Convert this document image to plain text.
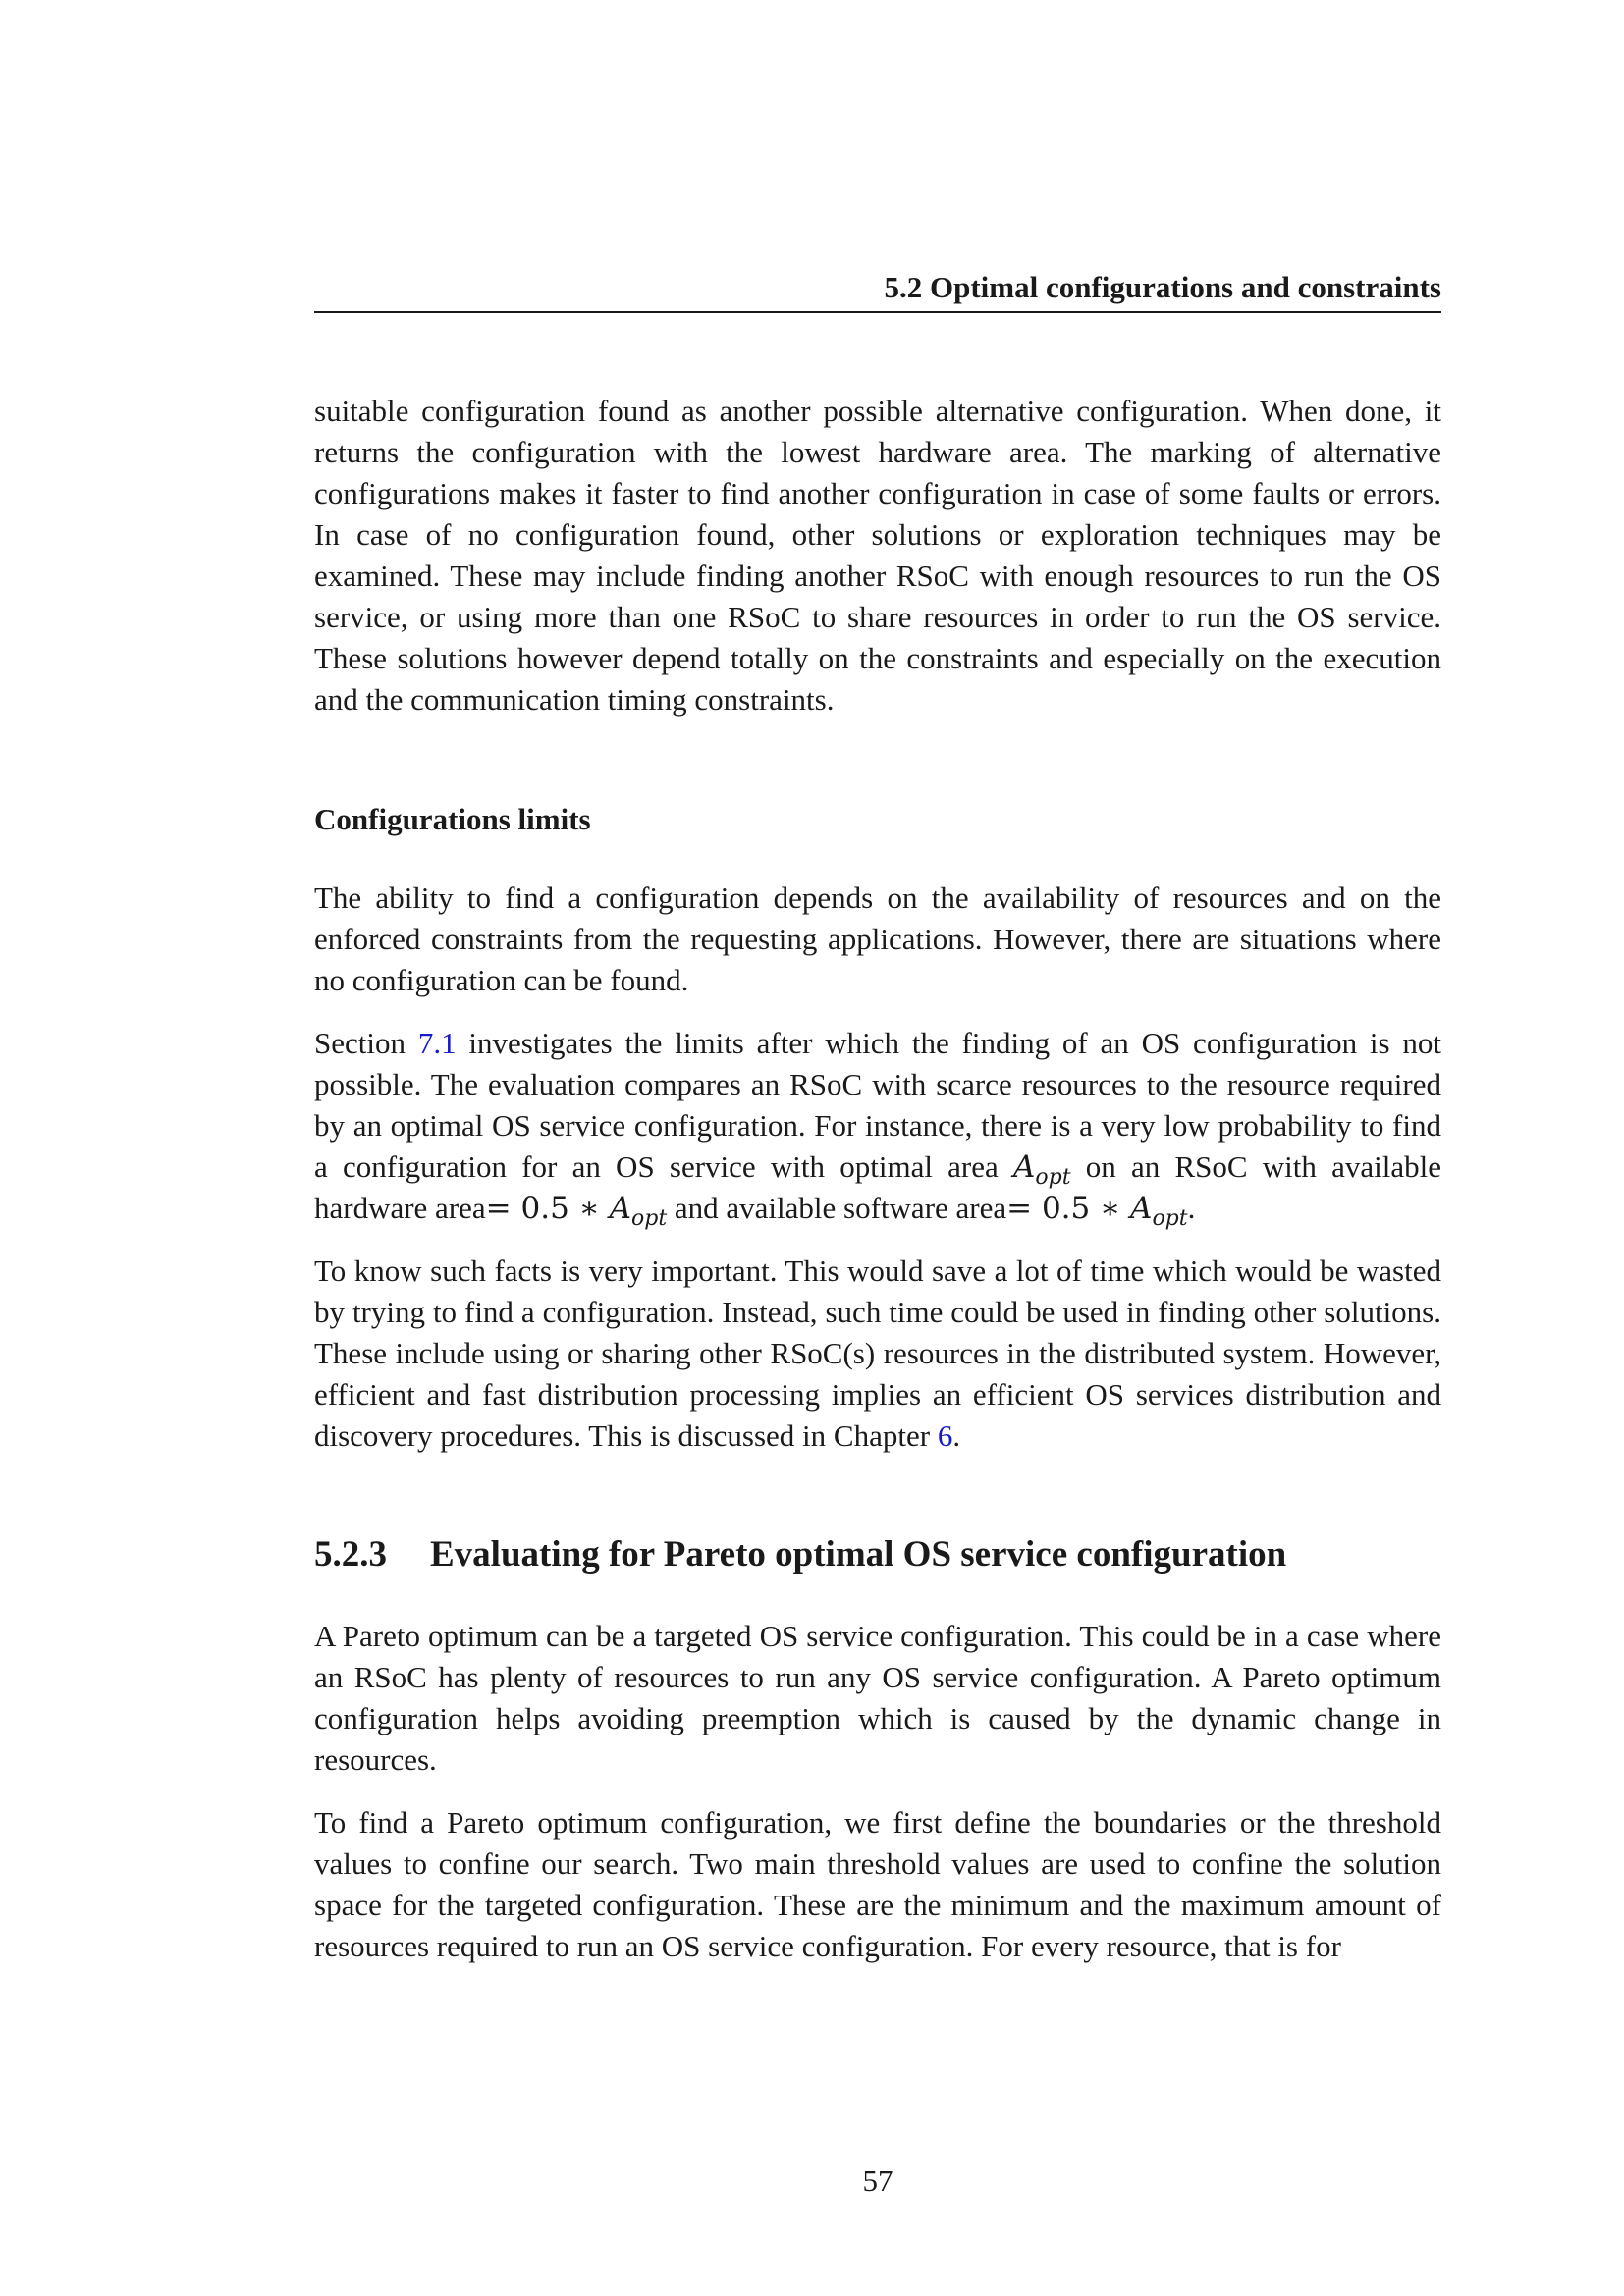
5.2 Optimal configurations and constraints

suitable configuration found as another possible alternative configuration. When done, it returns the configuration with the lowest hardware area. The marking of alternative configurations makes it faster to find another configuration in case of some faults or errors. In case of no configuration found, other solutions or exploration techniques may be examined. These may include finding another RSoC with enough resources to run the OS service, or using more than one RSoC to share resources in order to run the OS service. These solutions however depend totally on the constraints and especially on the execution and the communication timing constraints.

Configurations limits

The ability to find a configuration depends on the availability of resources and on the enforced constraints from the requesting applications. However, there are situations where no configuration can be found.

Section 7.1 investigates the limits after which the finding of an OS configuration is not possible. The evaluation compares an RSoC with scarce resources to the resource required by an optimal OS service configuration. For instance, there is a very low probability to find a configuration for an OS service with optimal area $A_{opt}$ on an RSoC with available hardware area= 0.5 ∗ $A_{opt}$ and available software area= 0.5 ∗ $A_{opt}$.

To know such facts is very important. This would save a lot of time which would be wasted by trying to find a configuration. Instead, such time could be used in finding other solutions. These include using or sharing other RSoC(s) resources in the distributed system. However, efficient and fast distribution processing implies an efficient OS services distribution and discovery procedures. This is discussed in Chapter 6.

5.2.3 Evaluating for Pareto optimal OS service configuration

A Pareto optimum can be a targeted OS service configuration. This could be in a case where an RSoC has plenty of resources to run any OS service configuration. A Pareto optimum configuration helps avoiding preemption which is caused by the dynamic change in resources.

To find a Pareto optimum configuration, we first define the boundaries or the threshold values to confine our search. Two main threshold values are used to confine the solution space for the targeted configuration. These are the minimum and the maximum amount of resources required to run an OS service configuration. For every resource, that is for

57
